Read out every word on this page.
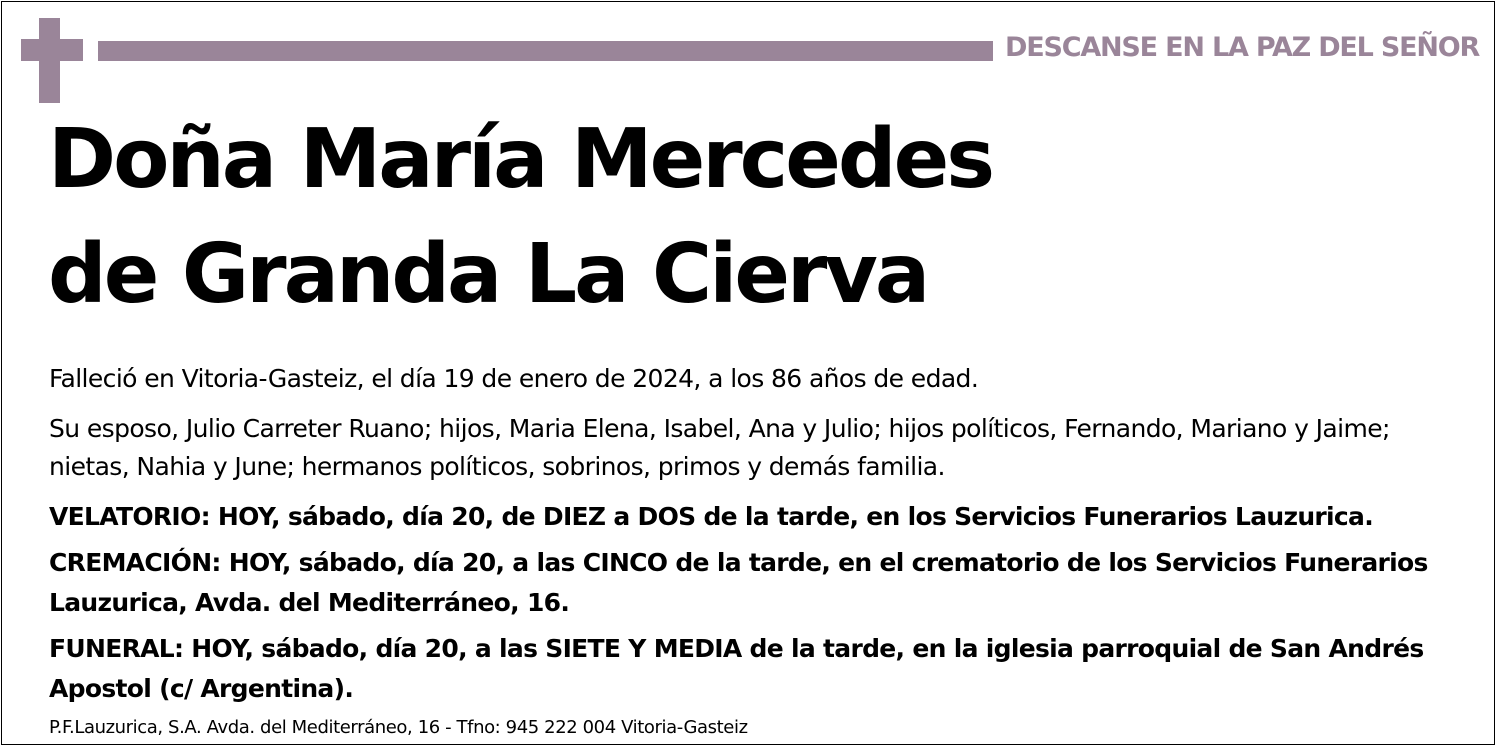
DESCANSE EN LA PAZ DEL SEÑOR
Doña María Mercedes
de Granda La Cierva
Falleció en Vitoria-Gasteiz, el día 19 de enero de 2024, a los 86 años de edad.
Su esposo, Julio Carreter Ruano; hijos, Maria Elena, Isabel, Ana y Julio; hijos políticos, Fernando, Mariano y Jaime; nietas, Nahia y June; hermanos políticos, sobrinos, primos y demás familia.
VELATORIO: HOY, sábado, día 20, de DIEZ a DOS de la tarde, en los Servicios Funerarios Lauzurica.
CREMACIÓN: HOY, sábado, día 20, a las CINCO de la tarde, en el crematorio de los Servicios Funerarios Lauzurica, Avda. del Mediterráneo, 16.
FUNERAL: HOY, sábado, día 20, a las SIETE Y MEDIA de la tarde, en la iglesia parroquial de San Andrés Apostol (c/ Argentina).
P.F.Lauzurica, S.A. Avda. del Mediterráneo, 16 - Tfno: 945 222 004 Vitoria-Gasteiz
